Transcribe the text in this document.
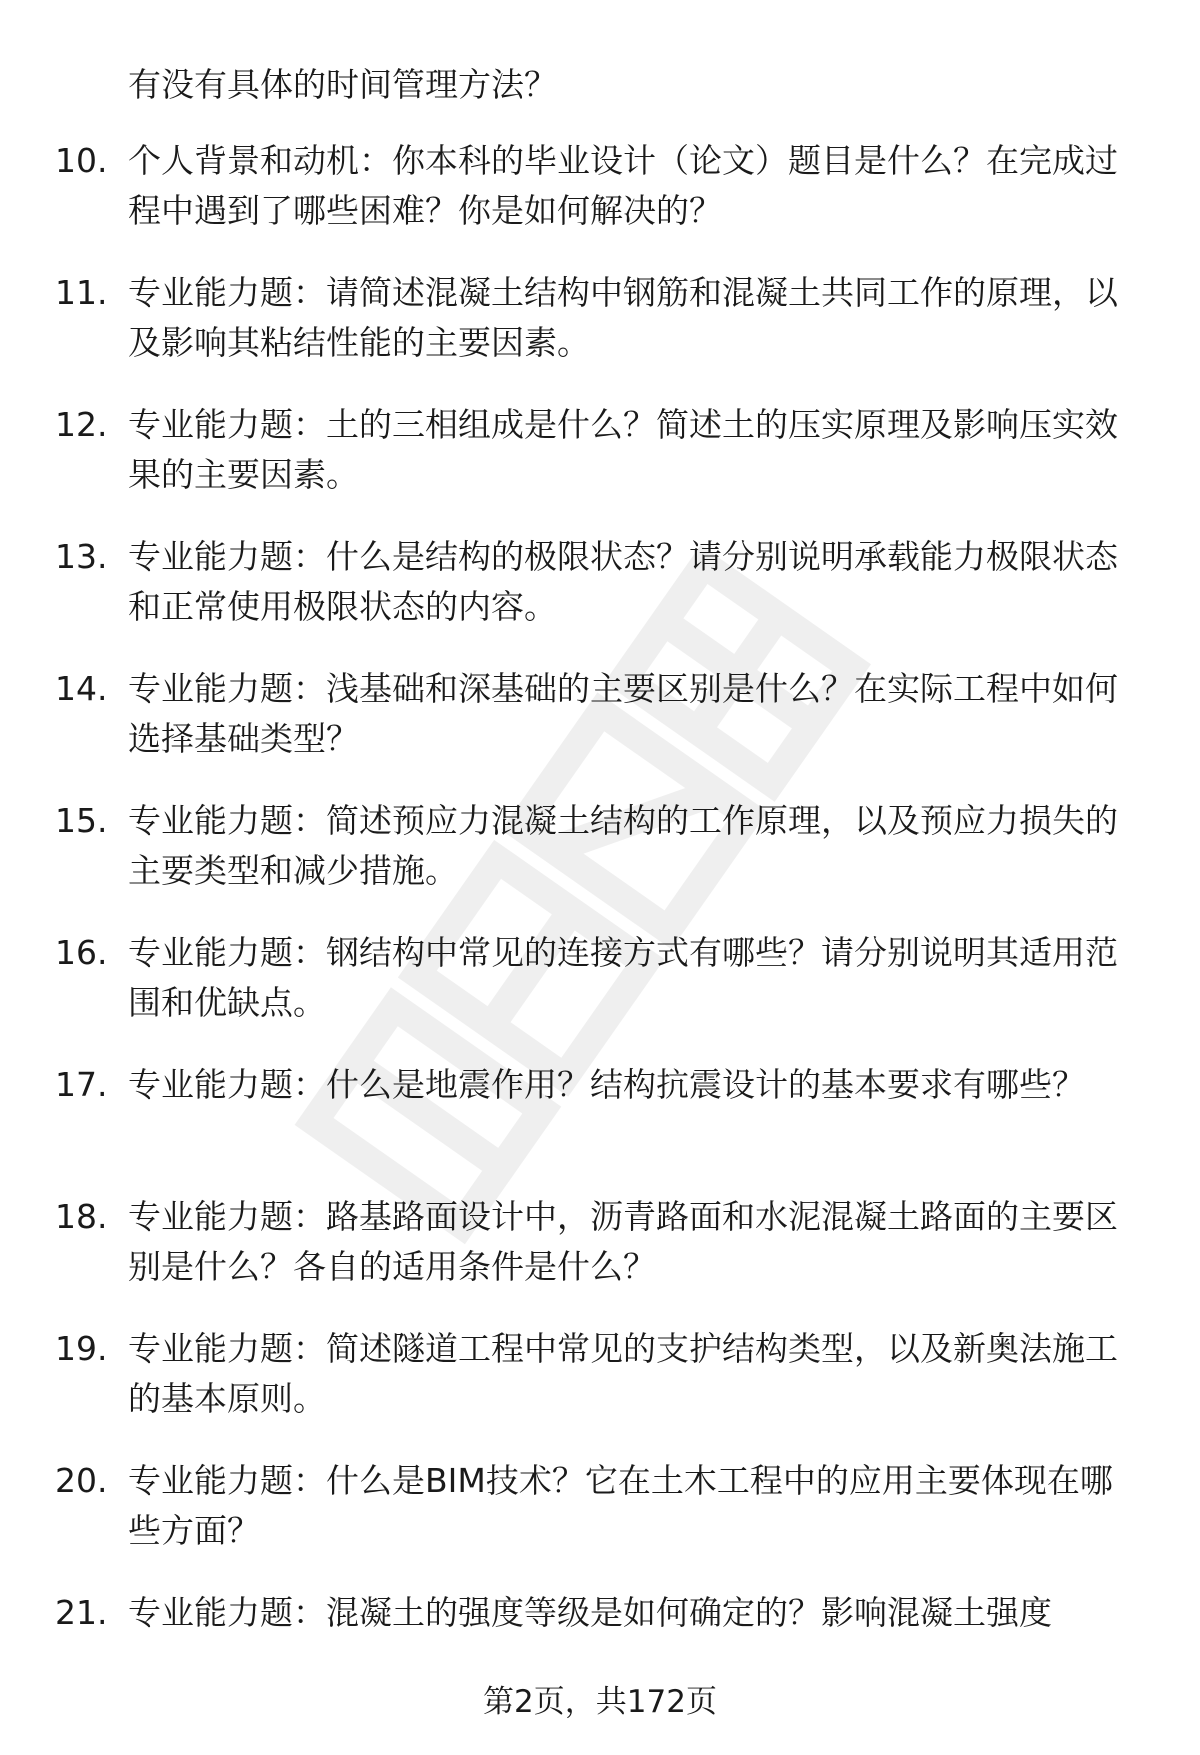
有没有具体的时间管理方法？

10. 个人背景和动机：你本科的毕业设计（论文）题目是什么？在完成过程中遇到了哪些困难？你是如何解决的？
11. 专业能力题：请简述混凝土结构中钢筋和混凝土共同工作的原理，以及影响其粘结性能的主要因素。
12. 专业能力题：土的三相组成是什么？简述土的压实原理及影响压实效果的主要因素。
13. 专业能力题：什么是结构的极限状态？请分别说明承载能力极限状态和正常使用极限状态的内容。
14. 专业能力题：浅基础和深基础的主要区别是什么？在实际工程中如何选择基础类型？
15. 专业能力题：简述预应力混凝土结构的工作原理，以及预应力损失的主要类型和减少措施。
16. 专业能力题：钢结构中常见的连接方式有哪些？请分别说明其适用范围和优缺点。
17. 专业能力题：什么是地震作用？结构抗震设计的基本要求有哪些？
18. 专业能力题：路基路面设计中，沥青路面和水泥混凝土路面的主要区别是什么？各自的适用条件是什么？
19. 专业能力题：简述隧道工程中常见的支护结构类型，以及新奥法施工的基本原则。
20. 专业能力题：什么是BIM技术？它在土木工程中的应用主要体现在哪些方面？
21. 专业能力题：混凝土的强度等级是如何确定的？影响混凝土强度
第2页，共172页
